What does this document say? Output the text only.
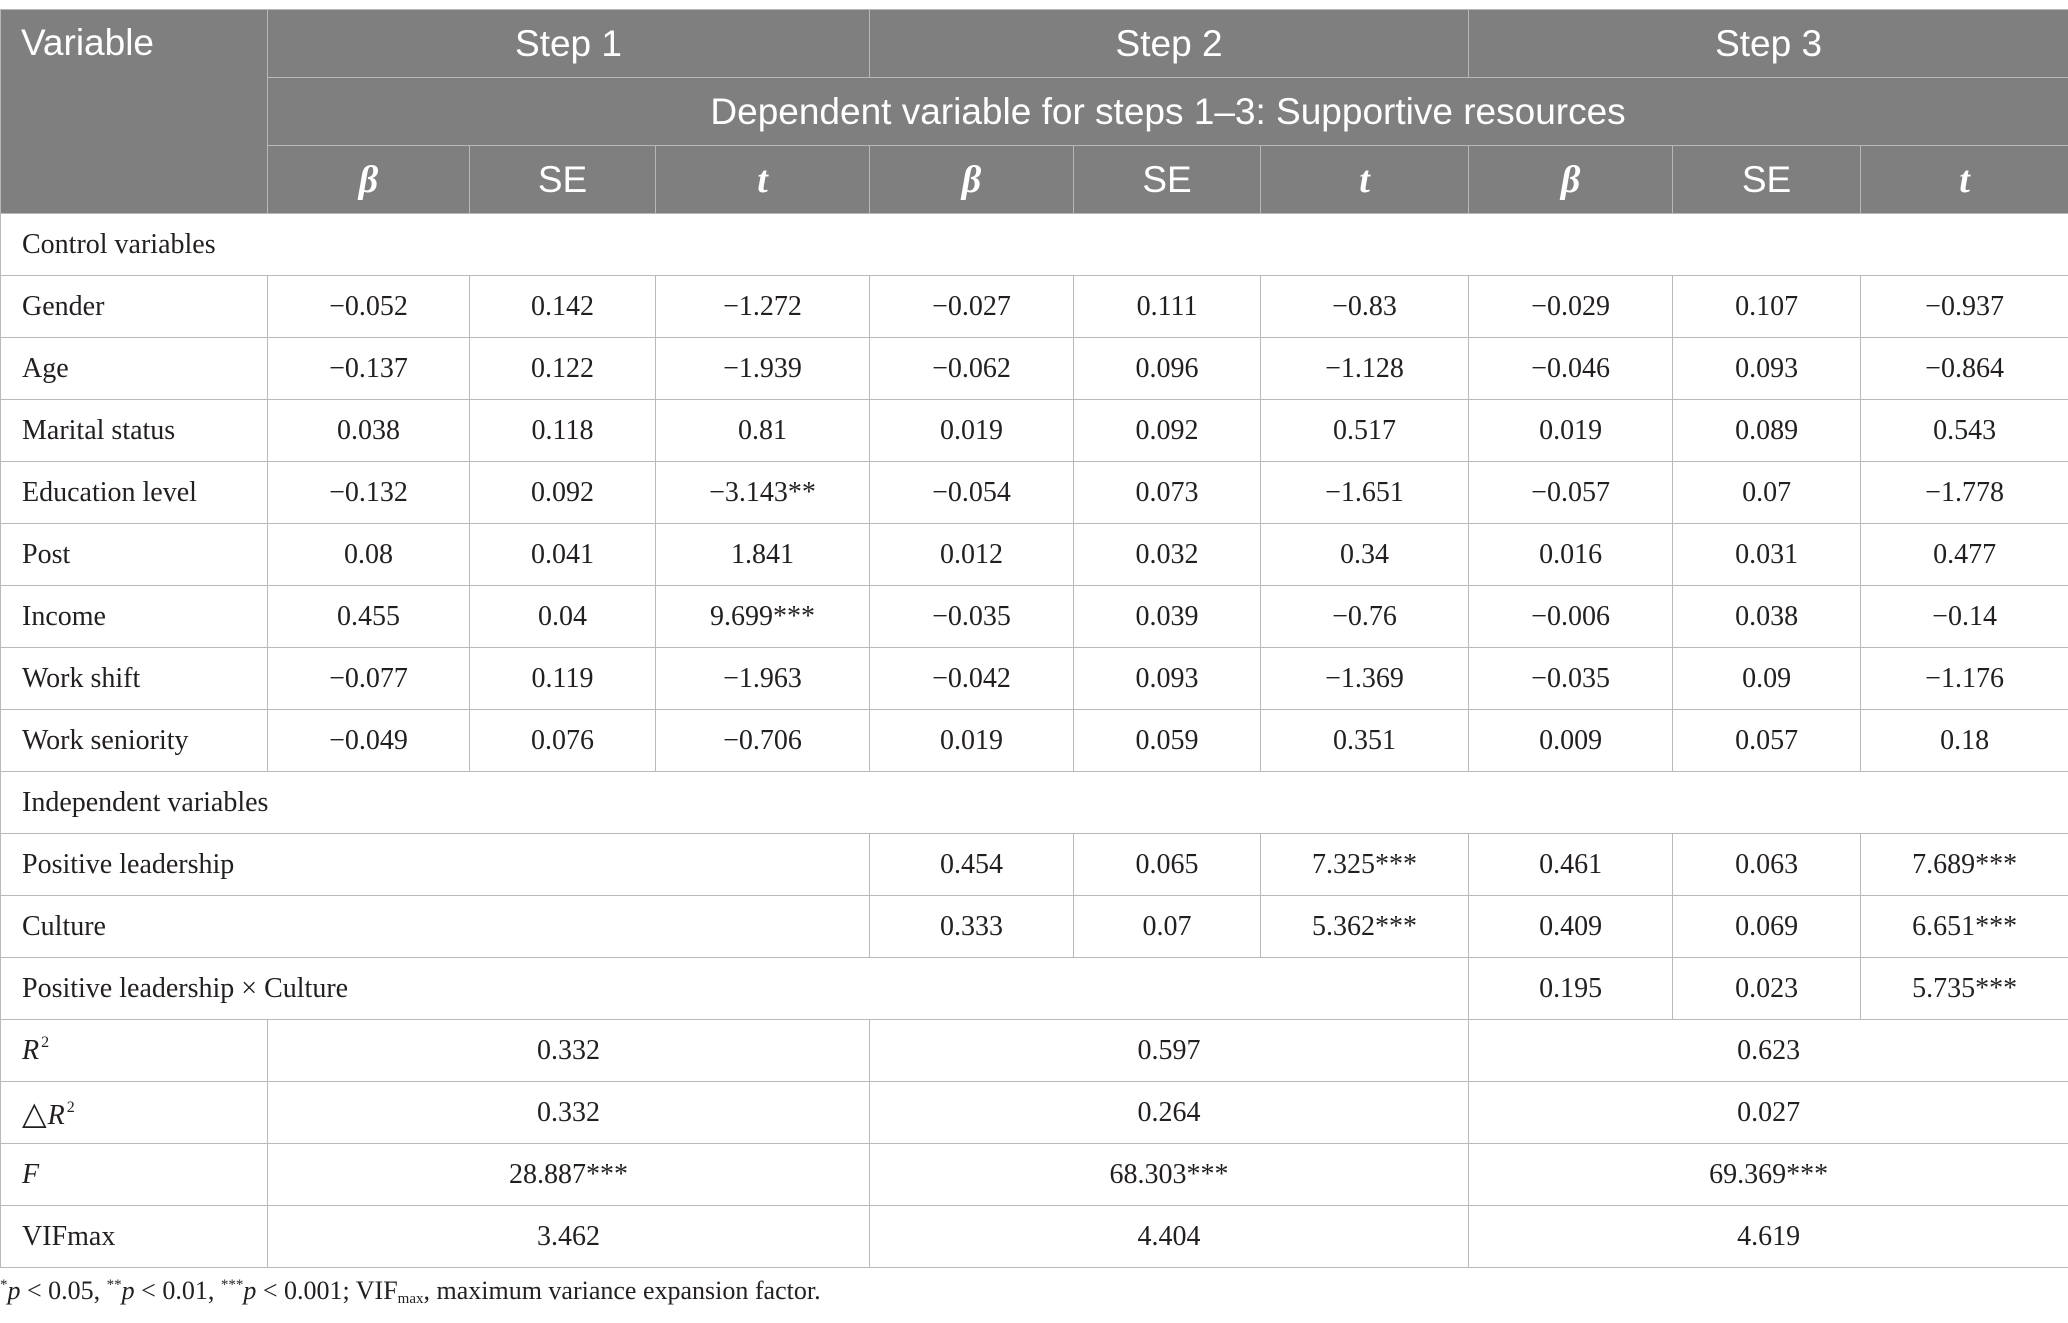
Variable	Step 1			Step 2			Step 3		
	Dependent variable for steps 1–3: Supportive resources								
	β	SE	t	β	SE	t	β	SE	t
Control variables									
Gender	−0.052	0.142	−1.272	−0.027	0.111	−0.83	−0.029	0.107	−0.937
Age	−0.137	0.122	−1.939	−0.062	0.096	−1.128	−0.046	0.093	−0.864
Marital status	0.038	0.118	0.81	0.019	0.092	0.517	0.019	0.089	0.543
Education level	−0.132	0.092	−3.143**	−0.054	0.073	−1.651	−0.057	0.07	−1.778
Post	0.08	0.041	1.841	0.012	0.032	0.34	0.016	0.031	0.477
Income	0.455	0.04	9.699***	−0.035	0.039	−0.76	−0.006	0.038	−0.14
Work shift	−0.077	0.119	−1.963	−0.042	0.093	−1.369	−0.035	0.09	−1.176
Work seniority	−0.049	0.076	−0.706	0.019	0.059	0.351	0.009	0.057	0.18
Independent variables									
Positive leadership				0.454	0.065	7.325***	0.461	0.063	7.689***
Culture				0.333	0.07	5.362***	0.409	0.069	6.651***
Positive leadership × Culture							0.195	0.023	5.735***
R $^2$	0.332			0.597			0.623		
△R $^2$	0.332			0.264			0.027		
F	28.887***			68.303***			69.369***		
VIFmax	3.462			4.404			4.619		
*p < 0.05, **p < 0.01, ***p < 0.001; $VIF_{max}$, maximum variance expansion factor.
